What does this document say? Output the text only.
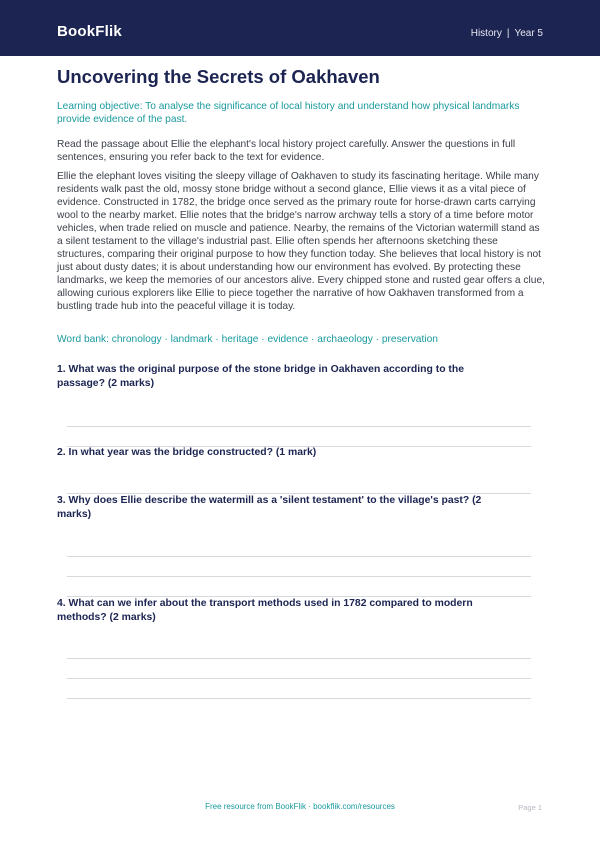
BookFlik	History | Year 5
Uncovering the Secrets of Oakhaven
Learning objective: To analyse the significance of local history and understand how physical landmarks provide evidence of the past.
Read the passage about Ellie the elephant's local history project carefully. Answer the questions in full sentences, ensuring you refer back to the text for evidence.
Ellie the elephant loves visiting the sleepy village of Oakhaven to study its fascinating heritage. While many residents walk past the old, mossy stone bridge without a second glance, Ellie views it as a vital piece of evidence. Constructed in 1782, the bridge once served as the primary route for horse-drawn carts carrying wool to the nearby market. Ellie notes that the bridge's narrow archway tells a story of a time before motor vehicles, when trade relied on muscle and patience. Nearby, the remains of the Victorian watermill stand as a silent testament to the village's industrial past. Ellie often spends her afternoons sketching these structures, comparing their original purpose to how they function today. She believes that local history is not just about dusty dates; it is about understanding how our environment has evolved. By protecting these landmarks, we keep the memories of our ancestors alive. Every chipped stone and rusted gear offers a clue, allowing curious explorers like Ellie to piece together the narrative of how Oakhaven transformed from a bustling trade hub into the peaceful village it is today.
Word bank: chronology · landmark · heritage · evidence · archaeology · preservation
1. What was the original purpose of the stone bridge in Oakhaven according to the passage? (2 marks)
2. In what year was the bridge constructed? (1 mark)
3. Why does Ellie describe the watermill as a 'silent testament' to the village's past? (2 marks)
4. What can we infer about the transport methods used in 1782 compared to modern methods? (2 marks)
Free resource from BookFlik · bookflik.com/resources	Page 1
